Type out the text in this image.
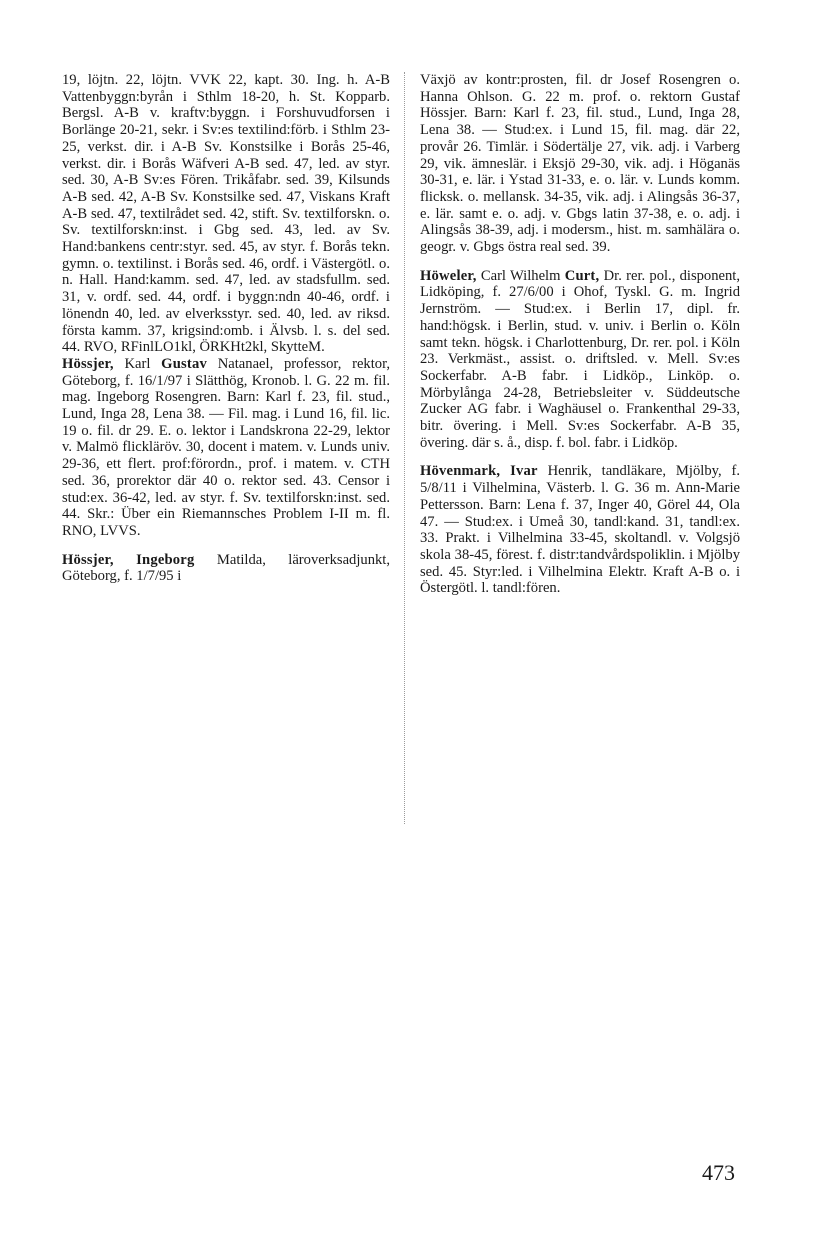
19, löjtn. 22, löjtn. VVK 22, kapt. 30. Ing. h. A-B Vattenbyggn:byrån i Sthlm 18-20, h. St. Kopparb. Bergsl. A-B v. kraftv:byggn. i Forshuvudforsen i Borlänge 20-21, sekr. i Sv:es textilind:förb. i Sthlm 23-25, verkst. dir. i A-B Sv. Konstsilke i Borås 25-46, verkst. dir. i Borås Wäfveri A-B sed. 47, led. av styr. sed. 30, A-B Sv:es Fören. Trikåfabr. sed. 39, Kilsunds A-B sed. 42, A-B Sv. Konstsilke sed. 47, Viskans Kraft A-B sed. 47, textilrådet sed. 42, stift. Sv. textilforskn. o. Sv. textilforskn:inst. i Gbg sed. 43, led. av Sv. Hand:bankens centr:styr. sed. 45, av styr. f. Borås tekn. gymn. o. textilinst. i Borås sed. 46, ordf. i Västergötl. o. n. Hall. Hand:kamm. sed. 47, led. av stadsfullm. sed. 31, v. ordf. sed. 44, ordf. i byggn:ndn 40-46, ordf. i lönendn 40, led. av elverksstyr. sed. 40, led. av riksd. första kamm. 37, krigsind:omb. i Älvsb. l. s. del sed. 44. RVO, RFinlLO1kl, ÖRKHt2kl, SkytteM.

Hössjer, Karl Gustav Natanael, professor, rektor, Göteborg, f. 16/1/97 i Slätthög, Kronob. l. G. 22 m. fil. mag. Ingeborg Rosengren. Barn: Karl f. 23, fil. stud., Lund, Inga 28, Lena 38. — Fil. mag. i Lund 16, fil. lic. 19 o. fil. dr 29. E. o. lektor i Landskrona 22-29, lektor v. Malmö flickläröv. 30, docent i matem. v. Lunds univ. 29-36, ett flert. prof:förordn., prof. i matem. v. CTH sed. 36, prorektor där 40 o. rektor sed. 43. Censor i stud:ex. 36-42, led. av styr. f. Sv. textilforskn:inst. sed. 44. Skr.: Über ein Riemannsches Problem I-II m. fl. RNO, LVVS.

Hössjer, Ingeborg Matilda, läroverksadjunkt, Göteborg, f. 1/7/95 i

Växjö av kontr:prosten, fil. dr Josef Rosengren o. Hanna Ohlson. G. 22 m. prof. o. rektorn Gustaf Hössjer. Barn: Karl f. 23, fil. stud., Lund, Inga 28, Lena 38. — Stud:ex. i Lund 15, fil. mag. där 22, provår 26. Timlär. i Södertälje 27, vik. adj. i Varberg 29, vik. ämneslär. i Eksjö 29-30, vik. adj. i Höganäs 30-31, e. lär. i Ystad 31-33, e. o. lär. v. Lunds komm. flicksk. o. mellansk. 34-35, vik. adj. i Alingsås 36-37, e. lär. samt e. o. adj. v. Gbgs latin 37-38, e. o. adj. i Alingsås 38-39, adj. i modersm., hist. m. samhälära o. geogr. v. Gbgs östra real sed. 39.

Höweler, Carl Wilhelm Curt, Dr. rer. pol., disponent, Lidköping, f. 27/6/00 i Ohof, Tyskl. G. m. Ingrid Jernström. — Stud:ex. i Berlin 17, dipl. fr. hand:högsk. i Berlin, stud. v. univ. i Berlin o. Köln samt tekn. högsk. i Charlottenburg, Dr. rer. pol. i Köln 23. Verkmäst., assist. o. driftsled. v. Mell. Sv:es Sockerfabr. A-B fabr. i Lidköp., Linköp. o. Mörbylånga 24-28, Betriebsleiter v. Süddeutsche Zucker AG fabr. i Waghäusel o. Frankenthal 29-33, bitr. övering. i Mell. Sv:es Sockerfabr. A-B 35, övering. där s. å., disp. f. bol. fabr. i Lidköp.

Hövenmark, Ivar Henrik, tandläkare, Mjölby, f. 5/8/11 i Vilhelmina, Västerb. l. G. 36 m. Ann-Marie Pettersson. Barn: Lena f. 37, Inger 40, Görel 44, Ola 47. — Stud:ex. i Umeå 30, tandl:kand. 31, tandl:ex. 33. Prakt. i Vilhelmina 33-45, skoltandl. v. Volgsjö skola 38-45, förest. f. distr:tandvårdspoliklin. i Mjölby sed. 45. Styr:led. i Vilhelmina Elektr. Kraft A-B o. i Östergötl. l. tandl:fören.

473
